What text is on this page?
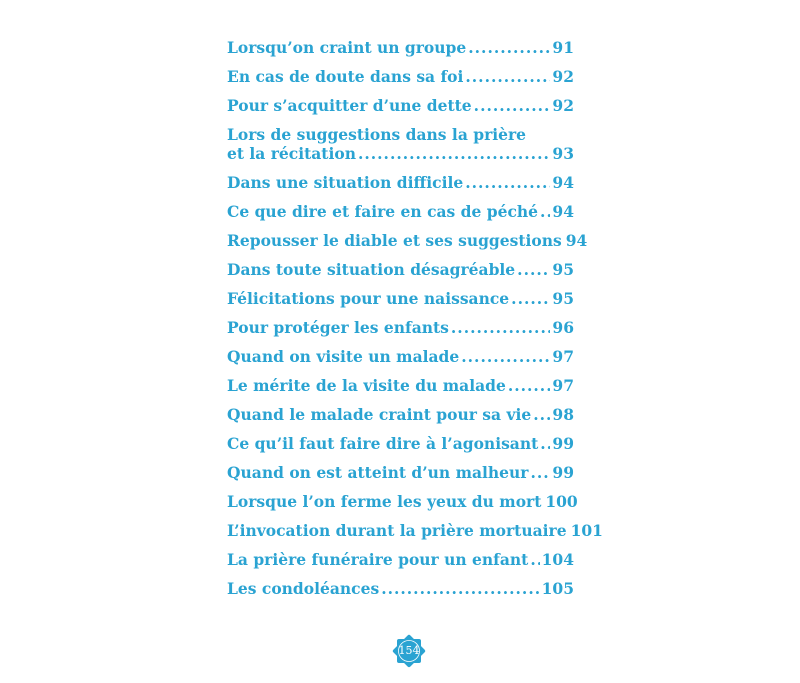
Lorsqu’on craint un groupe .....	91
En cas de doute dans sa foi .....	92
Pour s’acquitter d’une dette .....	92
Lors de suggestions dans la prière
et la récitation .....	93
Dans une situation difficile .....	94
Ce que dire et faire en cas de péché ..... 94
Repousser le diable et ses suggestions 94
Dans toute situation désagréable ..... 95
Félicitations pour une naissance .....	95
Pour protéger les enfants .....	96
Quand on visite un malade .....	97
Le mérite de la visite du malade .....	97
Quand le malade craint pour sa vie ..... 98
Ce qu’il faut faire dire à l’agonisant ..... 99
Quand on est atteint d’un malheur ..... 99
Lorsque l’on ferme les yeux du mort 100
L’invocation durant la prière mortuaire 101
La prière funéraire pour un enfant ..... 104
Les condoléances .....	105
154
